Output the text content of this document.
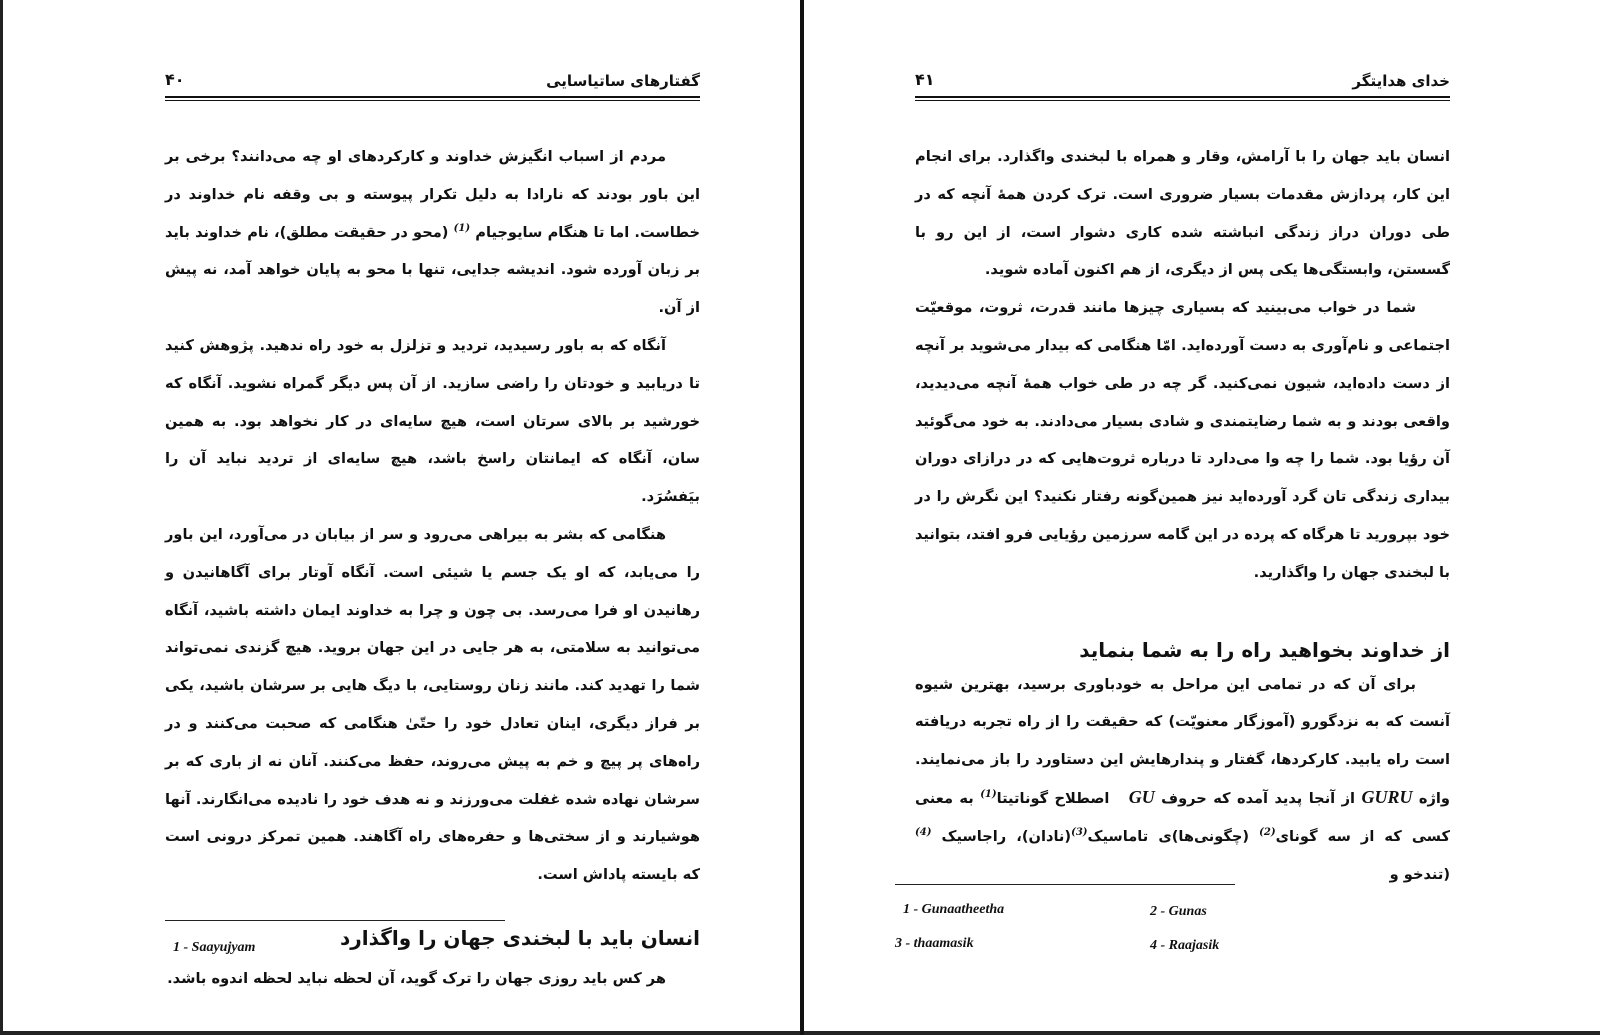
گفتارهای ساتیاسایی
۴۰

مردم از اسباب انگیزش خداوند و کارکردهای او چه می‌دانند؟ برخی بر این باور بودند که نارادا به دلیل تکرار پیوسته و بی وقفه نام خداوند در خطاست. اما تا هنگام سایوجیام $^{(1)}$ (محو در حقیقت مطلق)، نام خداوند باید بر زبان آورده شود. اندیشه جدایی، تنها با محو به پایان خواهد آمد، نه پیش از آن.

آنگاه که به باور رسیدید، تردید و تزلزل به خود راه ندهید. پژوهش کنید تا دریابید و خودتان را راضی سازید. از آن پس دیگر گمراه نشوید. آنگاه که خورشید بر بالای سرتان است، هیچ سایه‌ای در کار نخواهد بود. به همین سان، آنگاه که ایمانتان راسخ باشد، هیچ سایه‌ای از تردید نباید آن را بیَفسُرَد.

هنگامی که بشر به بیراهی می‌رود و سر از بیابان در می‌آورد، این باور را می‌یابد، که او یک جسم یا شیئی است. آنگاه آوتار برای آگاهانیدن و رهانیدن او فرا می‌رسد. بی چون و چرا به خداوند ایمان داشته باشید، آنگاه می‌توانید به سلامتی، به هر جایی در این جهان بروید. هیچ گزندی نمی‌تواند شما را تهدید کند. مانند زنان روستایی، با دیگ هایی بر سرشان باشید، یکی بر فراز دیگری، اینان تعادل خود را حتّیٰ هنگامی که صحبت می‌کنند و در راه‌های پر پیچ و خم به پیش می‌روند، حفظ می‌کنند. آنان نه از باری که بر سرشان نهاده شده غفلت می‌ورزند و نه هدف خود را نادیده می‌انگارند. آنها هوشیارند و از سختی‌ها و حفره‌های راه آگاهند. همین تمرکز درونی است که بایسته پاداش است.

انسان باید با لبخندی جهان را واگذارد

هر کس باید روزی جهان را ترک گوید، آن لحظه نباید لحظه اندوه باشد.

1 - Saayujyam
خدای هدایتگر
۴۱

انسان باید جهان را با آرامش، وقار و همراه با لبخندی واگذارد. برای انجام این کار، پردازش مقدمات بسیار ضروری است. ترک کردن همهٔ آنچه که در طی دوران دراز زندگی انباشته شده کاری دشوار است، از این رو با گسستن، وابستگی‌ها یکی پس از دیگری، از هم اکنون آماده شوید.

شما در خواب می‌بینید که بسیاری چیزها مانند قدرت، ثروت، موقعیّت اجتماعی و نام‌آوری به دست آورده‌اید. امّا هنگامی که بیدار می‌شوید بر آنچه از دست داده‌اید، شیون نمی‌کنید. گر چه در طی خواب همهٔ آنچه می‌دیدید، واقعی بودند و به شما رضایتمندی و شادی بسیار می‌دادند. به خود می‌گوئید آن رؤیا بود. شما را چه وا می‌دارد تا درباره ثروت‌هایی که در درازای دوران بیداری زندگی تان گرد آورده‌اید نیز همین‌گونه رفتار نکنید؟ این نگرش را در خود بپرورید تا هرگاه که پرده در این گامه سرزمین رؤیایی فرو افتد، بتوانید با لبخندی جهان را واگذارید.

از خداوند بخواهید راه را به شما بنماید

برای آن که در تمامی این مراحل به خودباوری برسید، بهترین شیوه آنست که به نزدگورو (آموزگار معنویّت) که حقیقت را از راه تجربه دریافته است راه یابید. کارکردها، گفتار و پندارهایش این دستاورد را باز می‌نمایند. واژه GURU از آنجا پدید آمده که حروف GU   اصطلاح گوناتیتا$^{(1)}$ به معنی کسی که از سه گونای$^{(2)}$ (چگونی‌ها)ی تاماسیک$^{(3)}$(نادان)، راجاسیک $^{(4)}$ (تندخو و

1 - Gunaatheetha	2 - Gunas
3 - thaamasik	4 - Raajasik
